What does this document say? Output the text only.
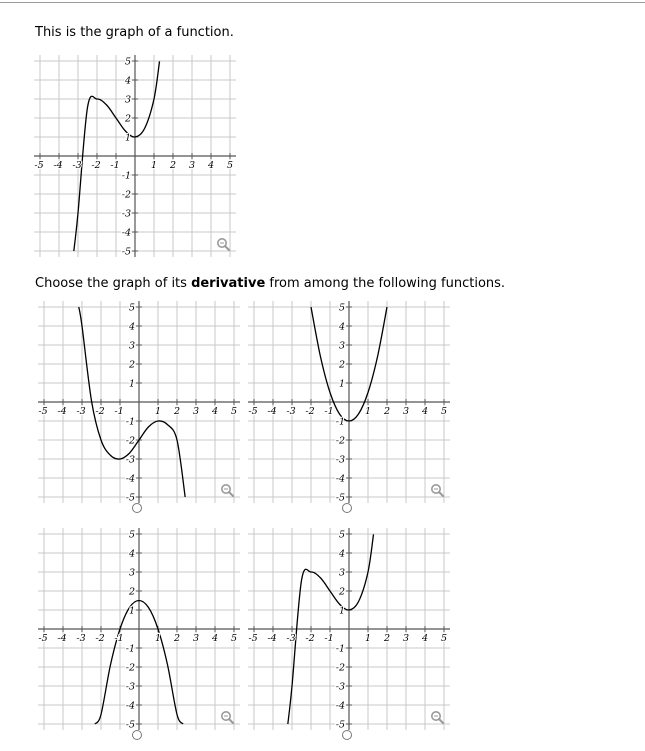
This is the graph of a function.
Choose the graph of its derivative from among the following functions.
-5 -4 -3 -2 -1	1 2 3 4 5
5
4
3
2
1
-1
-2
-3
-4
-5
-5 -4 -3 -2 -1	1 2 3 4 5
5
4
3
2
1
-1
-2
-3
-4
-5
-5 -4 -3 -2 -1	1 2 3 4 5
5
4
3
2
1
-1
-2
-3
-4
-5
-5 -4 -3 -2 -1	1 2 3 4 5
5
4
3
2
1
-1
-2
-3
-4
-5
-5 -4 -3 -2 -1	1 2 3 4 5
5
4
3
2
1
-1
-2
-3
-4
-5
